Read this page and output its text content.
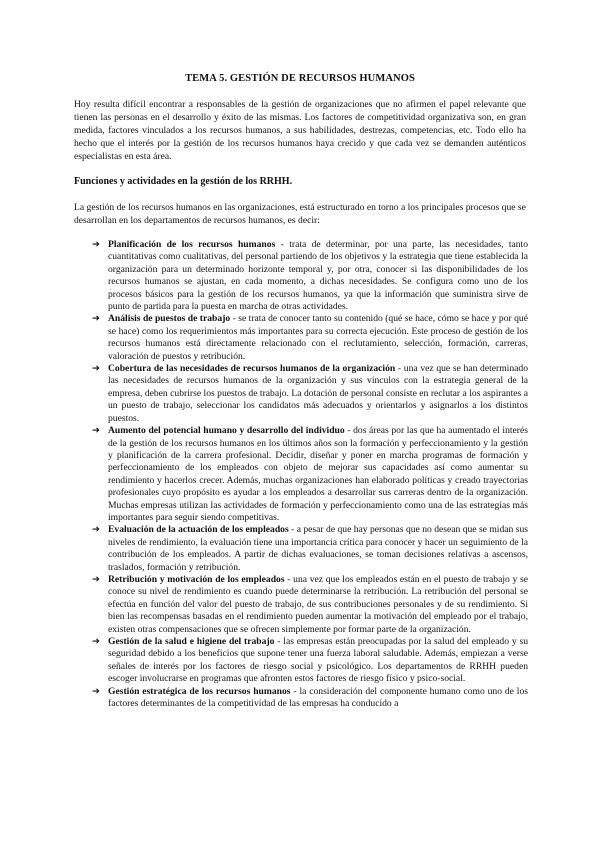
TEMA 5. GESTIÓN DE RECURSOS HUMANOS

Hoy resulta difícil encontrar a responsables de la gestión de organizaciones que no afirmen el papel relevante que tienen las personas en el desarrollo y éxito de las mismas. Los factores de competitividad organizativa son, en gran medida, factores vinculados a los recursos humanos, a sus habilidades, destrezas, competencias, etc. Todo ello ha hecho que el interés por la gestión de los recursos humanos haya crecido y que cada vez se demanden auténticos especialistas en esta área.

Funciones y actividades en la gestión de los RRHH.

La gestión de los recursos humanos en las organizaciones, está estructurado en torno a los principales procesos que se desarrollan en los departamentos de recursos humanos, es decir:

➔ Planificación de los recursos humanos - trata de determinar, por una parte, las necesidades, tanto cuantitativas como cualitativas, del personal partiendo de los objetivos y la estrategia que tiene establecida la organización para un determinado horizonte temporal y, por otra, conocer si las disponibilidades de los recursos humanos se ajustan, en cada momento, a dichas necesidades. Se configura como uno de los procesos básicos para la gestión de los recursos humanos, ya que la información que suministra sirve de punto de partida para la puesta en marcha de otras actividades.
➔ Análisis de puestos de trabajo - se trata de conocer tanto su contenido (qué se hace, cómo se hace y por qué se hace) como los requerimientos más importantes para su correcta ejecución. Este proceso de gestión de los recursos humanos está directamente relacionado con el reclutamiento, selección, formación, carreras, valoración de puestos y retribución.
➔ Cobertura de las necesidades de recursos humanos de la organización - una vez que se han determinado las necesidades de recursos humanos de la organización y sus vínculos con la estrategia general de la empresa, deben cubrirse los puestos de trabajo. La dotación de personal consiste en reclutar a los aspirantes a un puesto de trabajo, seleccionar los candidatos más adecuados y orientarlos y asignarlos a los distintos puestos.
➔ Aumento del potencial humano y desarrollo del individuo - dos áreas por las que ha aumentado el interés de la gestión de los recursos humanos en los últimos años son la formación y perfeccionamiento y la gestión y planificación de la carrera profesional. Decidir, diseñar y poner en marcha programas de formación y perfeccionamiento de los empleados con objeto de mejorar sus capacidades así como aumentar su rendimiento y hacerlos crecer. Además, muchas organizaciones han elaborado políticas y creado trayectorias profesionales cuyo propósito es ayudar a los empleados a desarrollar sus carreras dentro de la organización. Muchas empresas utilizan las actividades de formación y perfeccionamiento como una de las estrategias más importantes para seguir siendo competitivas.
➔ Evaluación de la actuación de los empleados - a pesar de que hay personas que no desean que se midan sus niveles de rendimiento, la evaluación tiene una importancia crítica para conocer y hacer un seguimiento de la contribución de los empleados. A partir de dichas evaluaciones, se toman decisiones relativas a ascensos, traslados, formación y retribución.
➔ Retribución y motivación de los empleados - una vez que los empleados están en el puesto de trabajo y se conoce su nivel de rendimiento es cuando puede determinarse la retribución. La retribución del personal se efectúa en función del valor del puesto de trabajo, de sus contribuciones personales y de su rendimiento. Si bien las recompensas basadas en el rendimiento pueden aumentar la motivación del empleado por el trabajo, existen otras compensaciones que se ofrecen simplemente por formar parte de la organización.
➔ Gestión de la salud e higiene del trabajo - las empresas están preocupadas por la salud del empleado y su seguridad debido a los beneficios que supone tener una fuerza laboral saludable. Además, empiezan a verse señales de interés por los factores de riesgo social y psicológico. Los departamentos de RRHH pueden escoger involucrarse en programas que afronten estos factores de riesgo físico y psico-social.
➔ Gestión estratégica de los recursos humanos - la consideración del componente humano como uno de los factores determinantes de la competitividad de las empresas ha conducido a
